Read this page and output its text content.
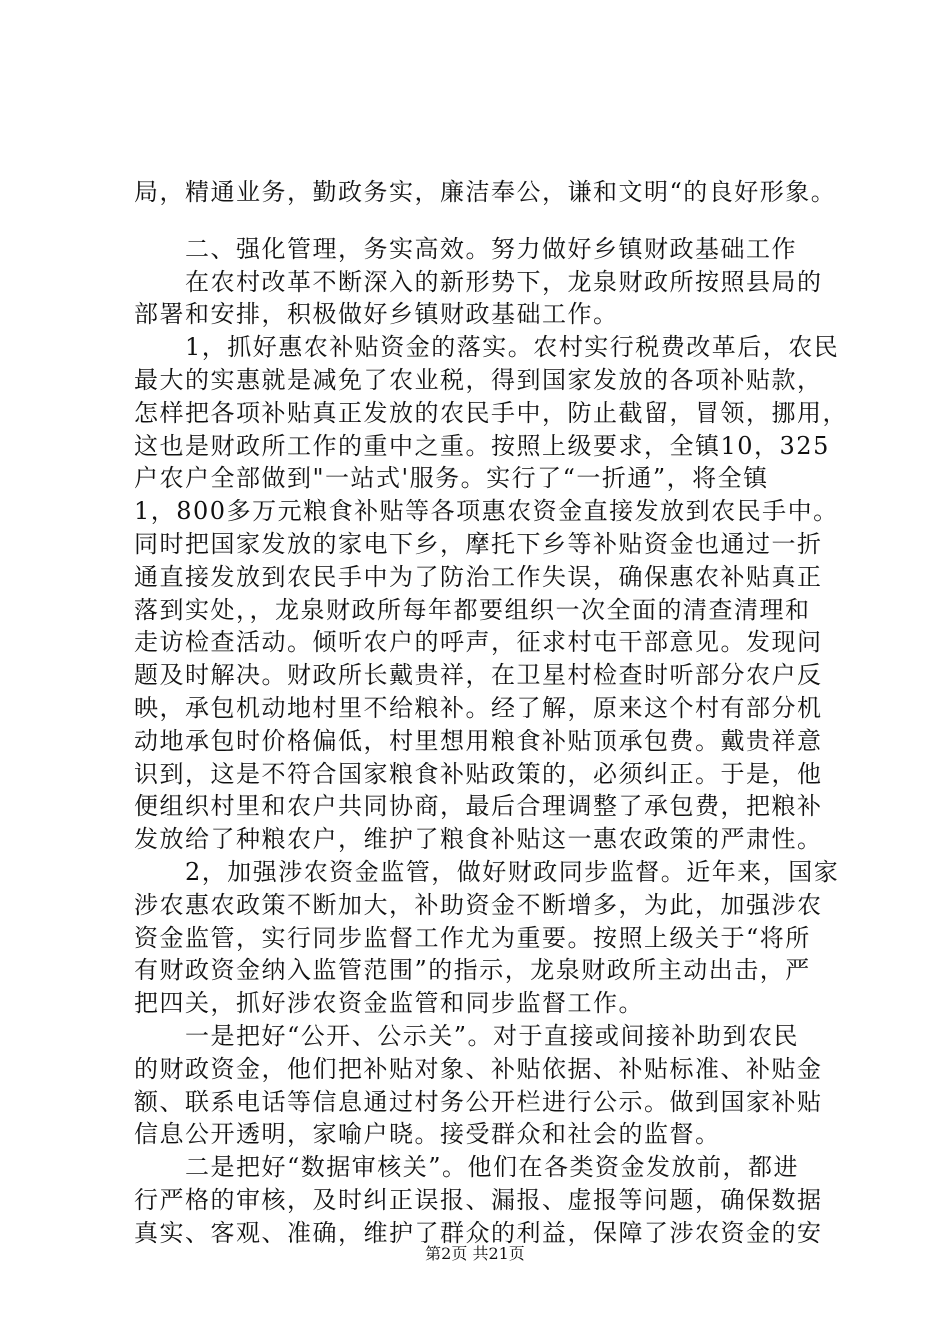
局，精通业务，勤政务实，廉洁奉公，谦和文明“的良好形象。
　　二、强化管理，务实高效。努力做好乡镇财政基础工作
　　在农村改革不断深入的新形势下，龙泉财政所按照县局的
部署和安排，积极做好乡镇财政基础工作。
　　1，抓好惠农补贴资金的落实。农村实行税费改革后，农民
最大的实惠就是减免了农业税，得到国家发放的各项补贴款，
怎样把各项补贴真正发放的农民手中，防止截留，冒领，挪用，
这也是财政所工作的重中之重。按照上级要求，全镇10，325
户农户全部做到"一站式'服务。实行了“一折通”，将全镇
1，800多万元粮食补贴等各项惠农资金直接发放到农民手中。
同时把国家发放的家电下乡，摩托下乡等补贴资金也通过一折
通直接发放到农民手中为了防治工作失误，确保惠农补贴真正
落到实处，，龙泉财政所每年都要组织一次全面的清查清理和
走访检查活动。倾听农户的呼声，征求村屯干部意见。发现问
题及时解决。财政所长戴贵祥，在卫星村检查时听部分农户反
映，承包机动地村里不给粮补。经了解，原来这个村有部分机
动地承包时价格偏低，村里想用粮食补贴顶承包费。戴贵祥意
识到，这是不符合国家粮食补贴政策的，必须纠正。于是，他
便组织村里和农户共同协商，最后合理调整了承包费，把粮补
发放给了种粮农户，维护了粮食补贴这一惠农政策的严肃性。
　　2，加强涉农资金监管，做好财政同步监督。近年来，国家
涉农惠农政策不断加大，补助资金不断增多，为此，加强涉农
资金监管，实行同步监督工作尤为重要。按照上级关于“将所
有财政资金纳入监管范围”的指示，龙泉财政所主动出击，严
把四关，抓好涉农资金监管和同步监督工作。
　　一是把好“公开、公示关”。对于直接或间接补助到农民
的财政资金，他们把补贴对象、补贴依据、补贴标准、补贴金
额、联系电话等信息通过村务公开栏进行公示。做到国家补贴
信息公开透明，家喻户晓。接受群众和社会的监督。
　　二是把好“数据审核关”。他们在各类资金发放前，都进
行严格的审核，及时纠正误报、漏报、虚报等问题，确保数据
真实、客观、准确，维护了群众的利益，保障了涉农资金的安
第2页 共21页
